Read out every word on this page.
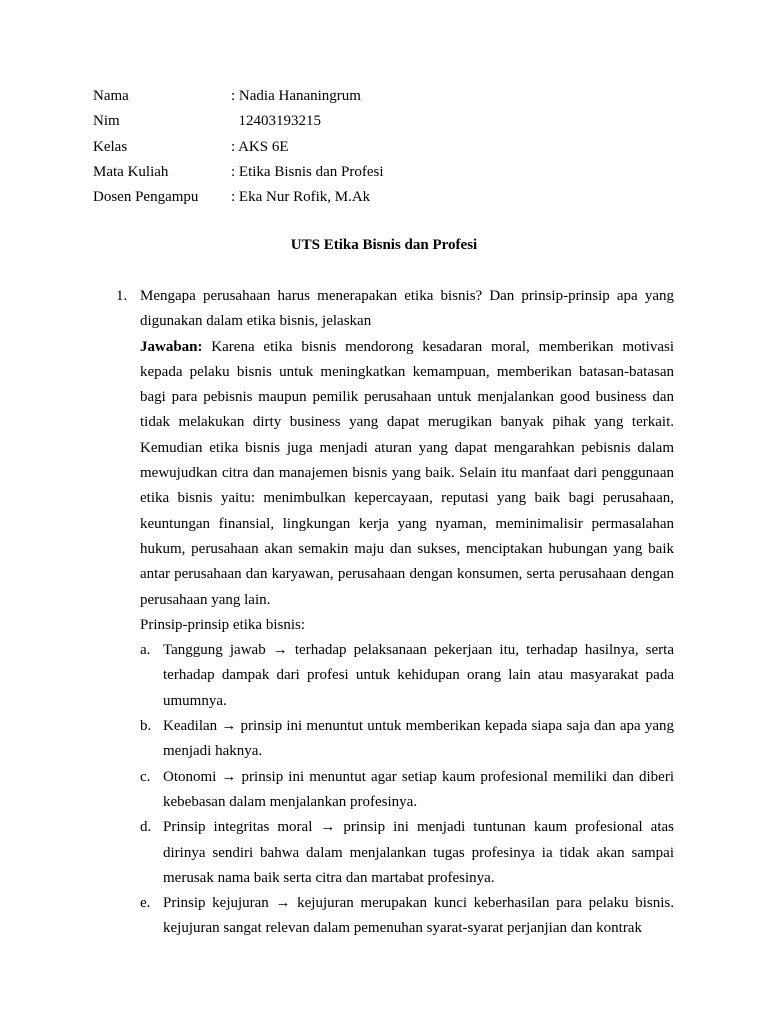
Nama	: Nadia Hananingrum
Nim	12403193215
Kelas	: AKS 6E
Mata Kuliah	: Etika Bisnis dan Profesi
Dosen Pengampu : Eka Nur Rofik, M.Ak
UTS Etika Bisnis dan Profesi
1. Mengapa perusahaan harus menerapakan etika bisnis? Dan prinsip-prinsip apa yang digunakan dalam etika bisnis, jelaskan

Jawaban: Karena etika bisnis mendorong kesadaran moral, memberikan motivasi kepada pelaku bisnis untuk meningkatkan kemampuan, memberikan batasan-batasan bagi para pebisnis maupun pemilik perusahaan untuk menjalankan good business dan tidak melakukan dirty business yang dapat merugikan banyak pihak yang terkait. Kemudian etika bisnis juga menjadi aturan yang dapat mengarahkan pebisnis dalam mewujudkan citra dan manajemen bisnis yang baik. Selain itu manfaat dari penggunaan etika bisnis yaitu: menimbulkan kepercayaan, reputasi yang baik bagi perusahaan, keuntungan finansial, lingkungan kerja yang nyaman, meminimalisir permasalahan hukum, perusahaan akan semakin maju dan sukses, menciptakan hubungan yang baik antar perusahaan dan karyawan, perusahaan dengan konsumen, serta perusahaan dengan perusahaan yang lain.

Prinsip-prinsip etika bisnis:

a. Tanggung jawab → terhadap pelaksanaan pekerjaan itu, terhadap hasilnya, serta terhadap dampak dari profesi untuk kehidupan orang lain atau masyarakat pada umumnya.
b. Keadilan → prinsip ini menuntut untuk memberikan kepada siapa saja dan apa yang menjadi haknya.
c. Otonomi → prinsip ini menuntut agar setiap kaum profesional memiliki dan diberi kebebasan dalam menjalankan profesinya.
d. Prinsip integritas moral → prinsip ini menjadi tuntunan kaum profesional atas dirinya sendiri bahwa dalam menjalankan tugas profesinya ia tidak akan sampai merusak nama baik serta citra dan martabat profesinya.
e. Prinsip kejujuran → kejujuran merupakan kunci keberhasilan para pelaku bisnis. kejujuran sangat relevan dalam pemenuhan syarat-syarat perjanjian dan kontrak
